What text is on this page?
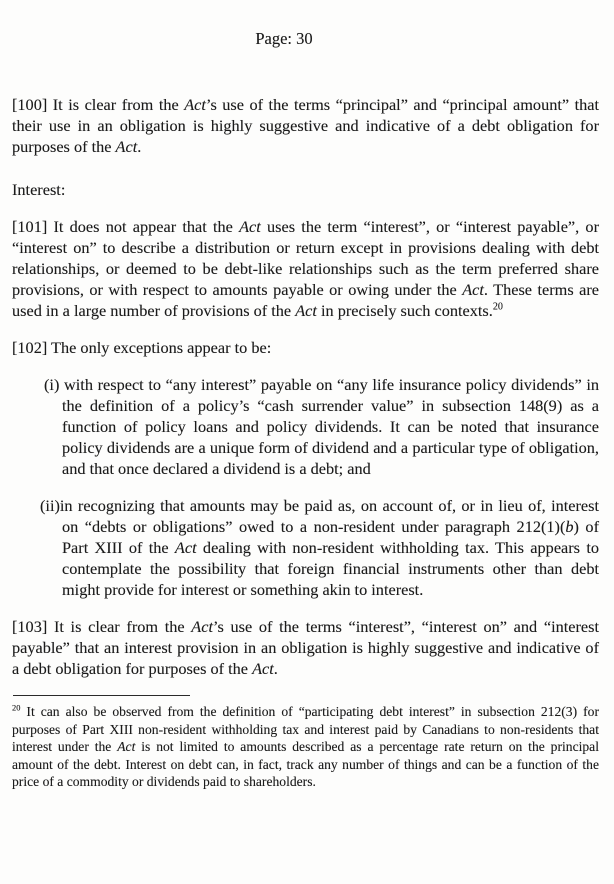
Page: 30

[100] It is clear from the Act’s use of the terms “principal” and “principal amount” that their use in an obligation is highly suggestive and indicative of a debt obligation for purposes of the Act.

Interest:

[101] It does not appear that the Act uses the term “interest”, or “interest payable”, or “interest on” to describe a distribution or return except in provisions dealing with debt relationships, or deemed to be debt-like relationships such as the term preferred share provisions, or with respect to amounts payable or owing under the Act. These terms are used in a large number of provisions of the Act in precisely such contexts.$^{20}$

[102] The only exceptions appear to be:

(i) with respect to “any interest” payable on “any life insurance policy dividends” in the definition of a policy’s “cash surrender value” in subsection 148(9) as a function of policy loans and policy dividends. It can be noted that insurance policy dividends are a unique form of dividend and a particular type of obligation, and that once declared a dividend is a debt; and

(ii)in recognizing that amounts may be paid as, on account of, or in lieu of, interest on “debts or obligations” owed to a non-resident under paragraph 212(1)(b) of Part XIII of the Act dealing with non-resident withholding tax. This appears to contemplate the possibility that foreign financial instruments other than debt might provide for interest or something akin to interest.

[103] It is clear from the Act’s use of the terms “interest”, “interest on” and “interest payable” that an interest provision in an obligation is highly suggestive and indicative of a debt obligation for purposes of the Act.

$^{20}$ It can also be observed from the definition of “participating debt interest” in subsection 212(3) for purposes of Part XIII non-resident withholding tax and interest paid by Canadians to non-residents that interest under the Act is not limited to amounts described as a percentage rate return on the principal amount of the debt. Interest on debt can, in fact, track any number of things and can be a function of the price of a commodity or dividends paid to shareholders.
